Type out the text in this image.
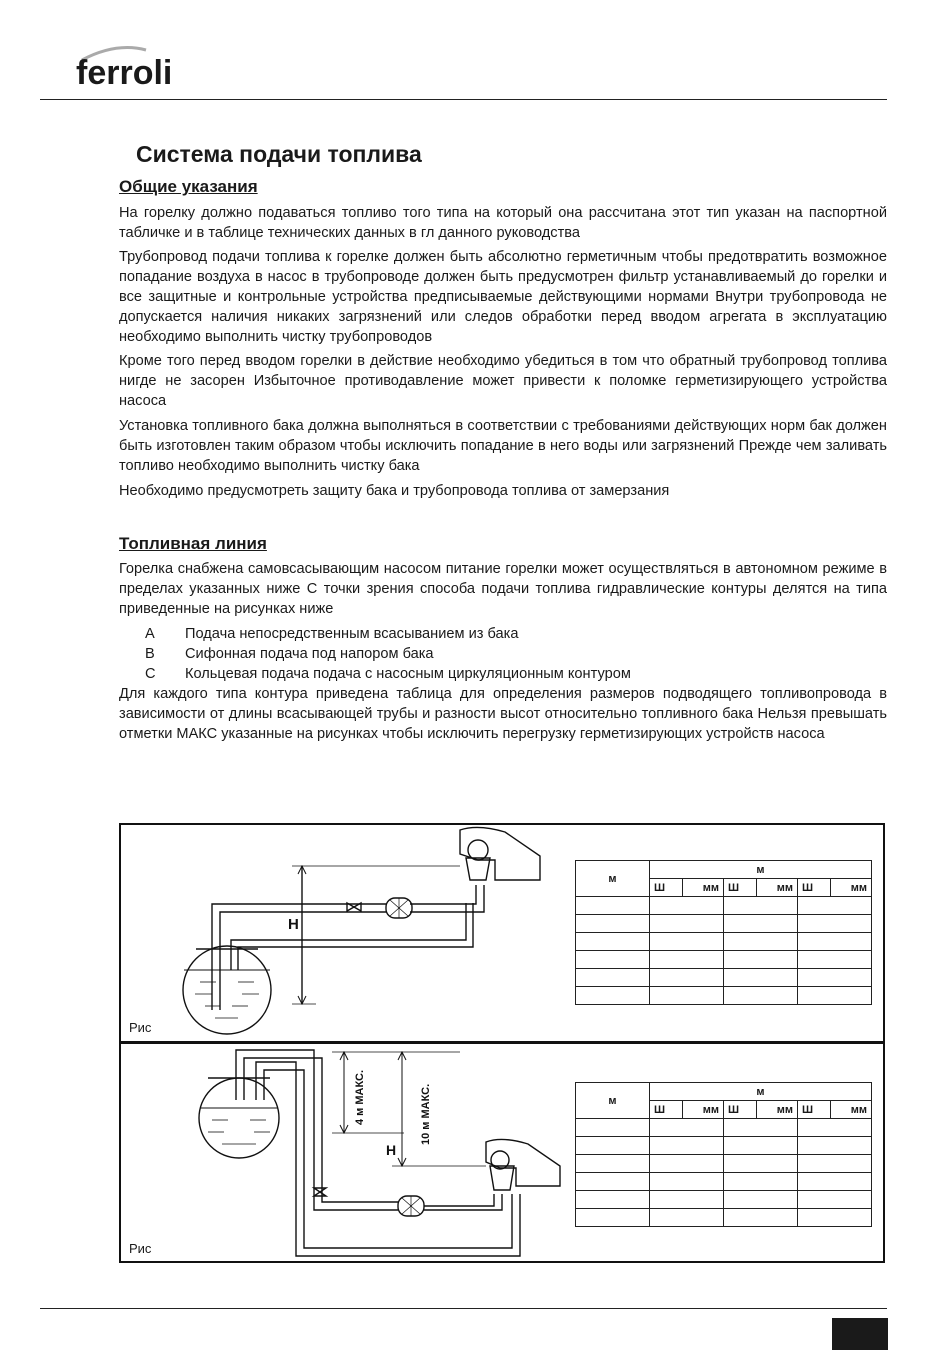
ferroli
Система подачи топлива
Общие указания

На горелку должно подаваться топливо того типа на который она рассчитана этот тип указан на паспортной табличке и в таблице технических данных в гл данного руководства

Трубопровод подачи топлива к горелке должен быть абсолютно герметичным чтобы предотвратить возможное попадание воздуха в насос в трубопроводе должен быть предусмотрен фильтр устанавливаемый до горелки и все защитные и контрольные устройства предписываемые действующими нормами Внутри трубопровода не допускается наличия никаких загрязнений или следов обработки перед вводом агрегата в эксплуатацию необходимо выполнить чистку трубопроводов

Кроме того перед вводом горелки в действие необходимо убедиться в том что обратный трубопровод топлива нигде не засорен Избыточное противодавление может привести к поломке герметизирующего устройства насоса

Установка топливного бака должна выполняться в соответствии с требованиями действующих норм бак должен быть изготовлен таким образом чтобы исключить попадание в него воды или загрязнений Прежде чем заливать топливо необходимо выполнить чистку бака

Необходимо предусмотреть защиту бака и трубопровода топлива от замерзания

Топливная линия

Горелка снабжена самовсасывающим насосом питание горелки может осуществляться в автономном режиме в пределах указанных ниже С точки зрения способа подачи топлива гидравлические контуры делятся на типа приведенные на рисунках ниже

A	Подача непосредственным всасыванием из бака
B	Сифонная подача под напором бака
C	Кольцевая подача подача с насосным циркуляционным контуром

Для каждого типа контура приведена таблица для определения размеров подводящего топливопровода в зависимости от длины всасывающей трубы и разности высот относительно топливного бака Нельзя превышать отметки МАКС указанные на рисунках чтобы исключить перегрузку герметизирующих устройств насоса

H
H
4 м МАКС.	10 м МАКС.
Рис
Рис
м	м					
	Ш	мм	Ш	мм	Ш	мм

м	м					
	Ш	мм	Ш	мм	Ш	мм
